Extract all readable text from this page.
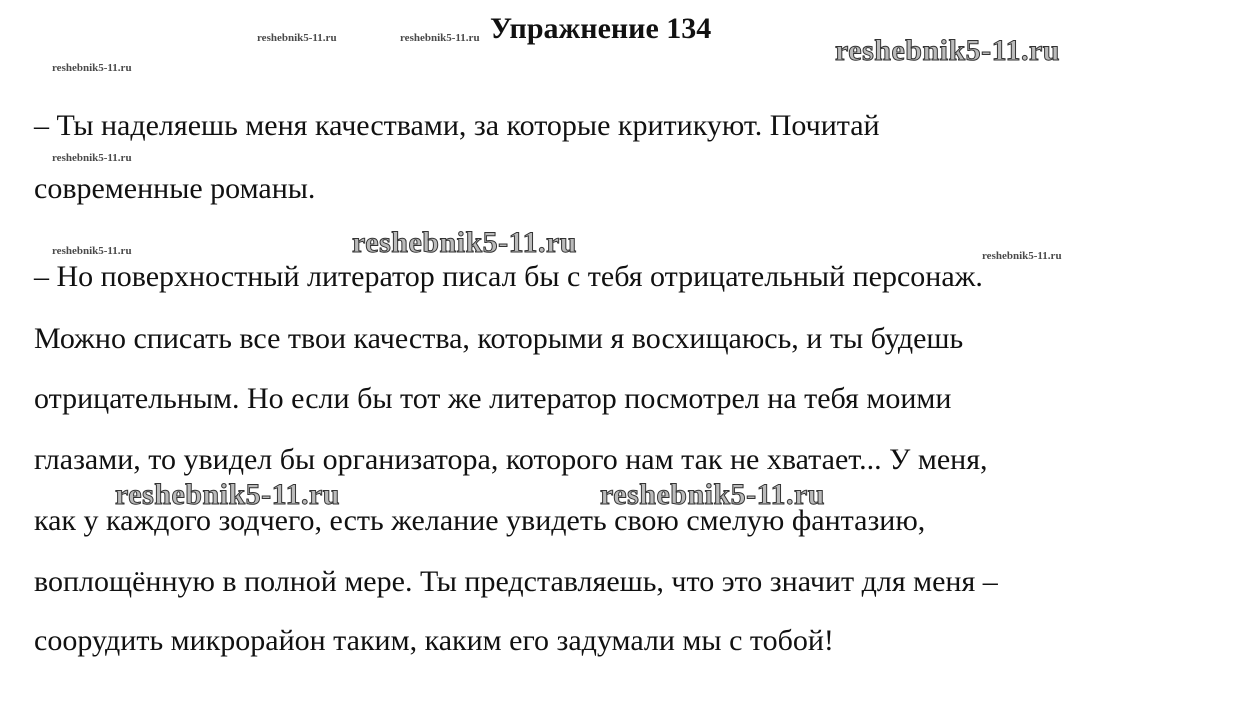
Упражнение 134
reshebnik5-11.ru	reshebnik5-11.ru
reshebnik5-11.ru
reshebnik5-11.ru
reshebnik5-11.ru	reshebnik5-11.ru
– Ты наделяешь меня качествами, за которые критикуют. Почитай
современные романы.
– Но поверхностный литератор писал бы с тебя отрицательный персонаж.
Можно списать все твои качества, которыми я восхищаюсь, и ты будешь
отрицательным. Но если бы тот же литератор посмотрел на тебя моими
глазами, то увидел бы организатора, которого нам так не хватает... У меня,
как у каждого зодчего, есть желание увидеть свою смелую фантазию,
воплощённую в полной мере. Ты представляешь, что это значит для меня –
соорудить микрорайон таким, каким его задумали мы с тобой!
reshebnik5-11.ru
reshebnik5-11.ru
reshebnik5-11.ru	reshebnik5-11.ru
